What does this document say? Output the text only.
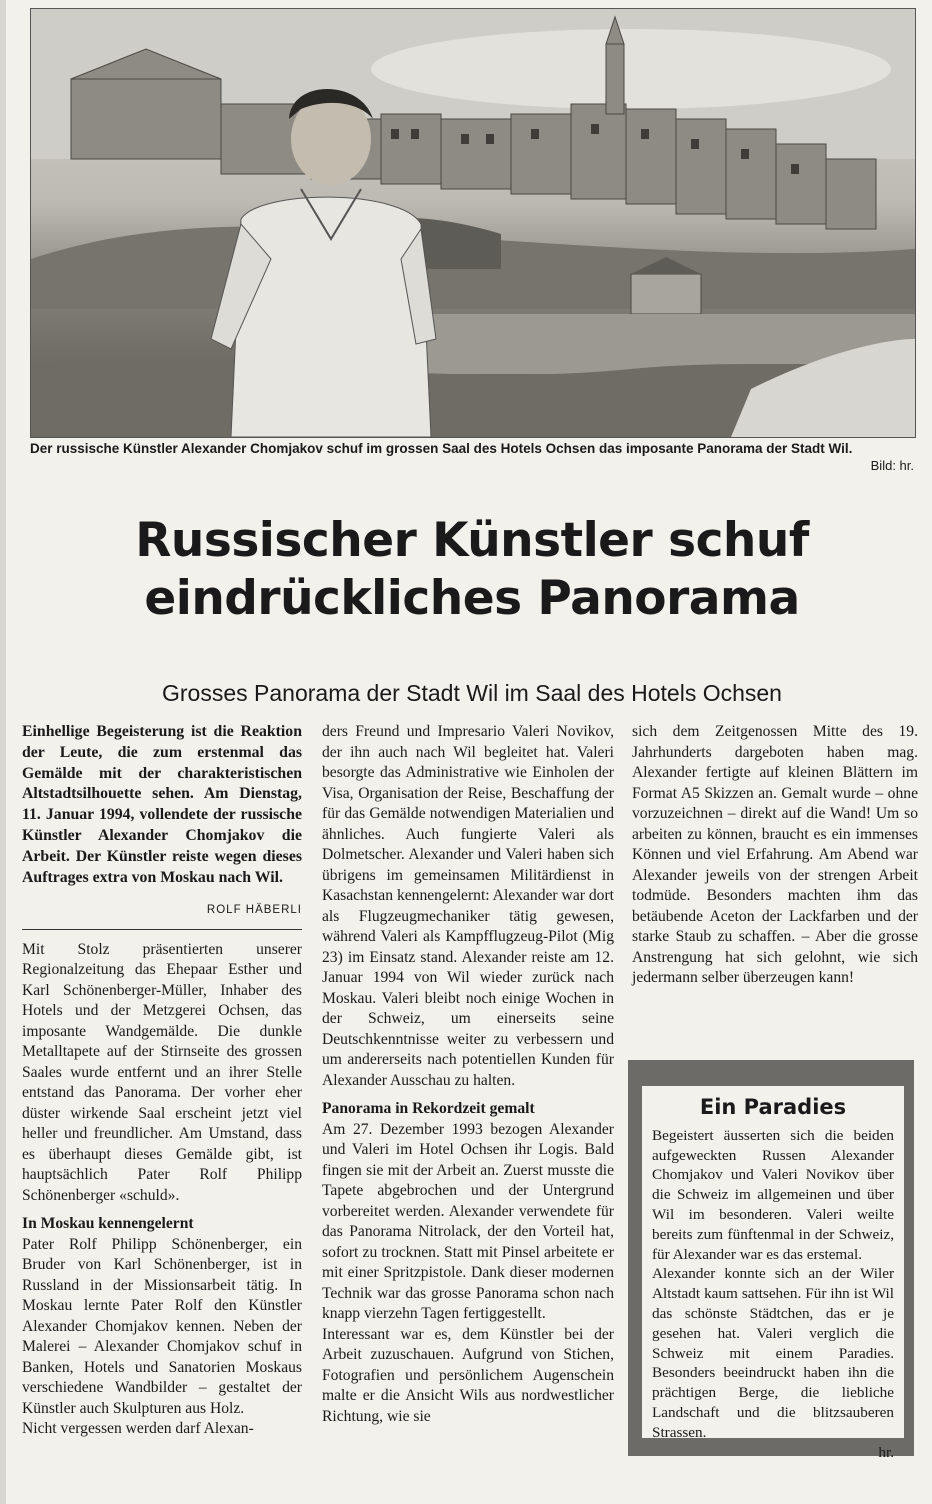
Der russische Künstler Alexander Chomjakov schuf im grossen Saal des Hotels Ochsen das imposante Panorama der Stadt Wil.
Bild: hr.
Russischer Künstler schuf
eindrückliches Panorama
Grosses Panorama der Stadt Wil im Saal des Hotels Ochsen

Einhellige Begeisterung ist die Reaktion der Leute, die zum erstenmal das Gemälde mit der charakteristischen Altstadtsilhouette sehen. Am Dienstag, 11. Januar 1994, vollendete der russische Künstler Alexander Chomjakov die Arbeit. Der Künstler reiste wegen dieses Auftrages extra von Moskau nach Wil.

ROLF HÄBERLI

Mit Stolz präsentierten unserer Regionalzeitung das Ehepaar Esther und Karl Schönenberger-Müller, Inhaber des Hotels und der Metzgerei Ochsen, das imposante Wandgemälde. Die dunkle Metalltapete auf der Stirnseite des grossen Saales wurde entfernt und an ihrer Stelle entstand das Panorama. Der vorher eher düster wirkende Saal erscheint jetzt viel heller und freundlicher. Am Umstand, dass es überhaupt dieses Gemälde gibt, ist hauptsächlich Pater Rolf Philipp Schönenberger «schuld».

In Moskau kennengelernt

Pater Rolf Philipp Schönenberger, ein Bruder von Karl Schönenberger, ist in Russland in der Missionsarbeit tätig. In Moskau lernte Pater Rolf den Künstler Alexander Chomjakov kennen. Neben der Malerei – Alexander Chomjakov schuf in Banken, Hotels und Sanatorien Moskaus verschiedene Wandbilder – gestaltet der Künstler auch Skulpturen aus Holz.

Nicht vergessen werden darf Alexan-

ders Freund und Impresario Valeri Novikov, der ihn auch nach Wil begleitet hat. Valeri besorgte das Administrative wie Einholen der Visa, Organisation der Reise, Beschaffung der für das Gemälde notwendigen Materialien und ähnliches. Auch fungierte Valeri als Dolmetscher. Alexander und Valeri haben sich übrigens im gemeinsamen Militärdienst in Kasachstan kennengelernt: Alexander war dort als Flugzeugmechaniker tätig gewesen, während Valeri als Kampfflugzeug-Pilot (Mig 23) im Einsatz stand. Alexander reiste am 12. Januar 1994 von Wil wieder zurück nach Moskau. Valeri bleibt noch einige Wochen in der Schweiz, um einerseits seine Deutschkenntnisse weiter zu verbessern und um andererseits nach potentiellen Kunden für Alexander Ausschau zu halten.

Panorama in Rekordzeit gemalt

Am 27. Dezember 1993 bezogen Alexander und Valeri im Hotel Ochsen ihr Logis. Bald fingen sie mit der Arbeit an. Zuerst musste die Tapete abgebrochen und der Untergrund vorbereitet werden. Alexander verwendete für das Panorama Nitrolack, der den Vorteil hat, sofort zu trocknen. Statt mit Pinsel arbeitete er mit einer Spritzpistole. Dank dieser modernen Technik war das grosse Panorama schon nach knapp vierzehn Tagen fertiggestellt.

Interessant war es, dem Künstler bei der Arbeit zuzuschauen. Aufgrund von Stichen, Fotografien und persönlichem Augenschein malte er die Ansicht Wils aus nordwestlicher Richtung, wie sie

sich dem Zeitgenossen Mitte des 19. Jahrhunderts dargeboten haben mag. Alexander fertigte auf kleinen Blättern im Format A5 Skizzen an. Gemalt wurde – ohne vorzuzeichnen – direkt auf die Wand! Um so arbeiten zu können, braucht es ein immenses Können und viel Erfahrung. Am Abend war Alexander jeweils von der strengen Arbeit todmüde. Besonders machten ihm das betäubende Aceton der Lackfarben und der starke Staub zu schaffen. – Aber die grosse Anstrengung hat sich gelohnt, wie sich jedermann selber überzeugen kann!

Ein Paradies

Begeistert äusserten sich die beiden aufgeweckten Russen Alexander Chomjakov und Valeri Novikov über die Schweiz im allgemeinen und über Wil im besonderen. Valeri weilte bereits zum fünftenmal in der Schweiz, für Alexander war es das erstemal.

Alexander konnte sich an der Wiler Altstadt kaum sattsehen. Für ihn ist Wil das schönste Städtchen, das er je gesehen hat. Valeri verglich die Schweiz mit einem Paradies. Besonders beeindruckt haben ihn die prächtigen Berge, die liebliche Landschaft und die blitzsauberen Strassen.

hr.
